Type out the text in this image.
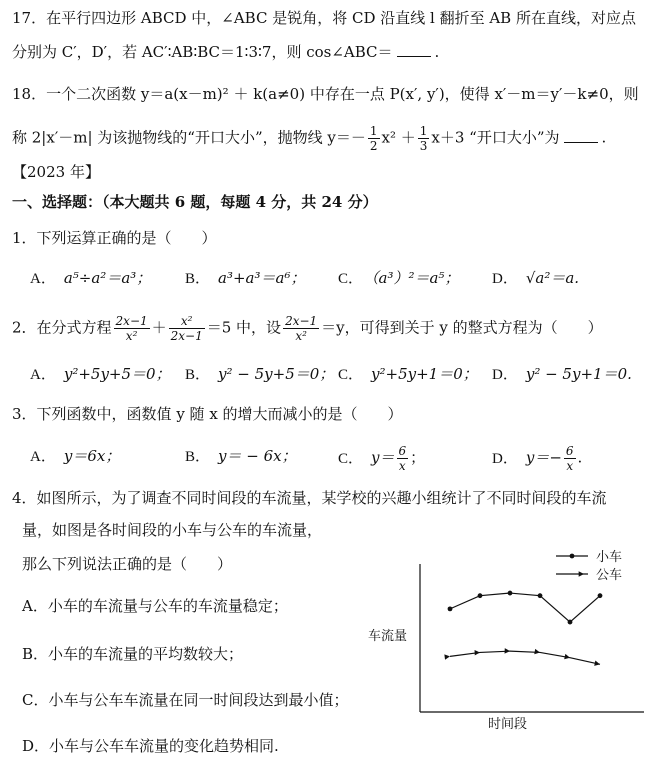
17．在平行四边形 ABCD 中，∠ABC 是锐角，将 CD 沿直线 l 翻折至 AB 所在直线，对应点
分别为 C′，D′，若 AC′∶AB∶BC＝1∶3∶7，则 cos∠ABC＝	.
18．一个二次函数 y＝a(x－m)² ＋ k(a≠0) 中存在一点 P(x′, y′)，使得 x′－m＝y′－k≠0，则
称 2|x′－m| 为该抛物线的“开口大小”，抛物线 $y=- \frac{1}{2} x^2 + \frac{1}{3} x+3$ “开口大小”为	.
【2023 年】
一、选择题：（本大题共 6 题，每题 4 分，共 24 分）
1．下列运算正确的是（　　）
A． a⁵÷a²＝a³； B． a³+a³＝a⁶； C． （a³）²＝a⁵； D． √a²＝a.
2．在分式方程 $\frac{2x-1}{\text{x²}} + \frac{\text{x²}}{2x-1} =5$ 中，设 $\frac{2x-1}{\text{x²}} =y$，可得到关于 y 的整式方程为（　　）
A． y²+5y+5＝0； B． y² − 5y+5＝0； C． y²+5y+1＝0； D． y² − 5y+1＝0.
3．下列函数中，函数值 y 随 x 的增大而减小的是（　　）
A． y＝6x；	B． y＝ − 6x；	C． $y= \frac{6}{x}$ ；	D． $y=- \frac{6}{x}$ .
4．如图所示，为了调查不同时间段的车流量，某学校的兴趣小组统计了不同时间段的车流
量，如图是各时间段的小车与公车的车流量，
那么下列说法正确的是（　　）
A．小车的车流量与公车的车流量稳定；
B．小车的车流量的平均数较大；
C．小车与公车车流量在同一时间段达到最小值；
D．小车与公车车流量的变化趋势相同.
车流量
时间段
小车
公车
